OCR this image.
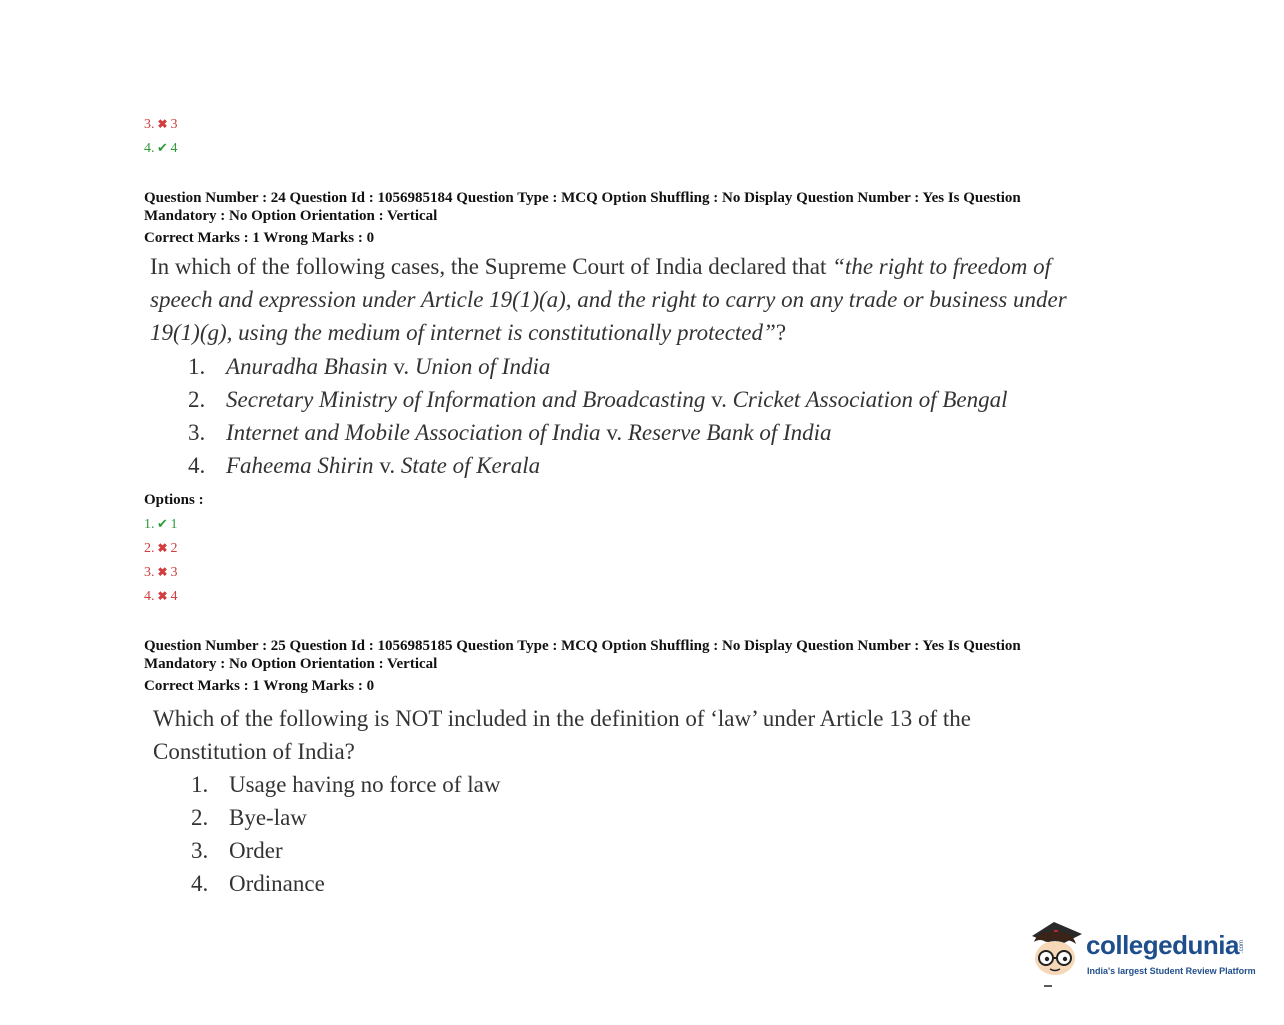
3. ✖ 3
4. ✔ 4
Question Number : 24 Question Id : 1056985184 Question Type : MCQ Option Shuffling : No Display Question Number : Yes Is Question
Mandatory : No Option Orientation : Vertical
Correct Marks : 1 Wrong Marks : 0
In which of the following cases, the Supreme Court of India declared that “the right to freedom of speech and expression under Article 19(1)(a), and the right to carry on any trade or business under 19(1)(g), using the medium of internet is constitutionally protected”?
1. Anuradha Bhasin v. Union of India
2. Secretary Ministry of Information and Broadcasting v. Cricket Association of Bengal
3. Internet and Mobile Association of India v. Reserve Bank of India
4. Faheema Shirin v. State of Kerala
Options :
1. ✔ 1
2. ✖ 2
3. ✖ 3
4. ✖ 4
Question Number : 25 Question Id : 1056985185 Question Type : MCQ Option Shuffling : No Display Question Number : Yes Is Question
Mandatory : No Option Orientation : Vertical
Correct Marks : 1 Wrong Marks : 0
Which of the following is NOT included in the definition of ‘law’ under Article 13 of the
Constitution of India?
1. Usage having no force of law
2. Bye-law
3. Order
4. Ordinance
collegedunia .com
India's largest Student Review Platform
